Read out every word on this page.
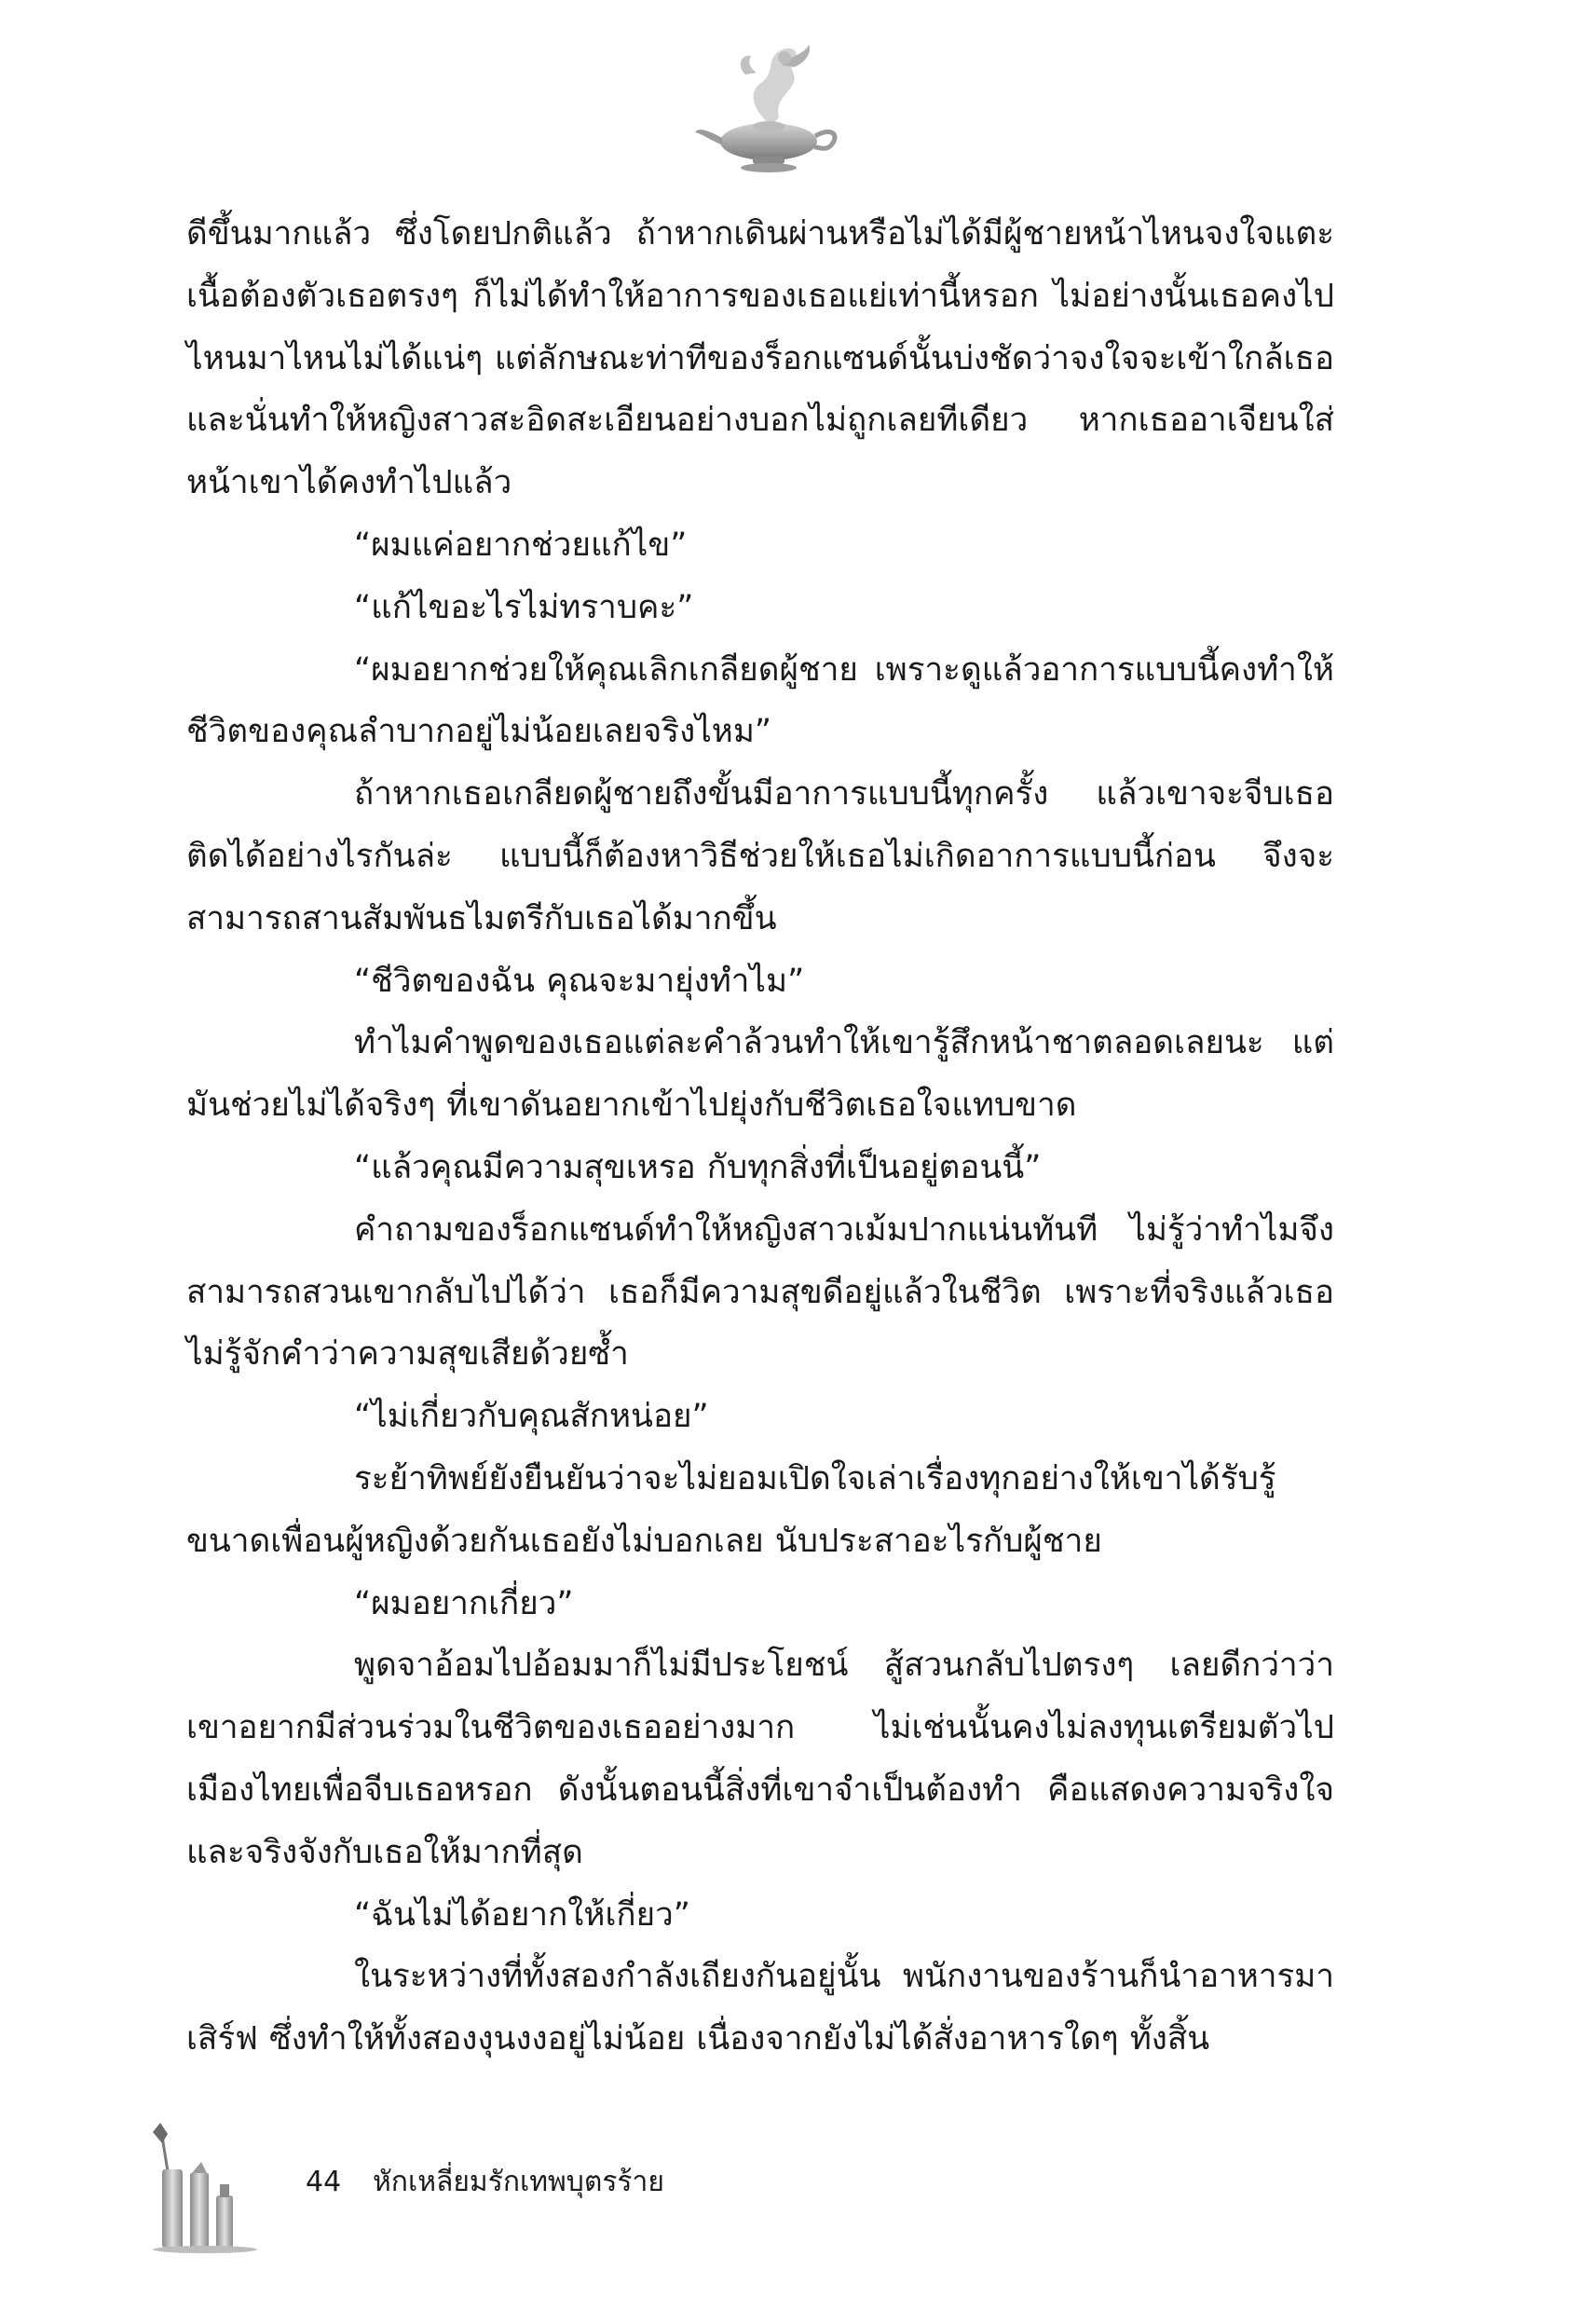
ดีขึ้นมากแล้ว ซึ่งโดยปกติแล้ว ถ้าหากเดินผ่านหรือไม่ได้มีผู้ชายหน้าไหนจงใจแตะเนื้อต้องตัวเธอตรงๆ ก็ไม่ได้ทำให้อาการของเธอแย่เท่านี้หรอก ไม่อย่างนั้นเธอคงไปไหนมาไหนไม่ได้แน่ๆ แต่ลักษณะท่าทีของร็อกแซนด์นั้นบ่งชัดว่าจงใจจะเข้าใกล้เธอ และนั่นทำให้หญิงสาวสะอิดสะเอียนอย่างบอกไม่ถูกเลยทีเดียว หากเธออาเจียนใส่หน้าเขาได้คงทำไปแล้ว

“ผมแค่อยากช่วยแก้ไข”

“แก้ไขอะไรไม่ทราบคะ”

“ผมอยากช่วยให้คุณเลิกเกลียดผู้ชาย เพราะดูแล้วอาการแบบนี้คงทำให้ชีวิตของคุณลำบากอยู่ไม่น้อยเลยจริงไหม”

ถ้าหากเธอเกลียดผู้ชายถึงขั้นมีอาการแบบนี้ทุกครั้ง แล้วเขาจะจีบเธอติดได้อย่างไรกันล่ะ แบบนี้ก็ต้องหาวิธีช่วยให้เธอไม่เกิดอาการแบบนี้ก่อน จึงจะสามารถสานสัมพันธไมตรีกับเธอได้มากขึ้น

“ชีวิตของฉัน คุณจะมายุ่งทำไม”

ทำไมคำพูดของเธอแต่ละคำล้วนทำให้เขารู้สึกหน้าชาตลอดเลยนะ แต่มันช่วยไม่ได้จริงๆ ที่เขาดันอยากเข้าไปยุ่งกับชีวิตเธอใจแทบขาด

“แล้วคุณมีความสุขเหรอ กับทุกสิ่งที่เป็นอยู่ตอนนี้”

คำถามของร็อกแซนด์ทำให้หญิงสาวเม้มปากแน่นทันที ไม่รู้ว่าทำไมจึงสามารถสวนเขากลับไปได้ว่า เธอก็มีความสุขดีอยู่แล้วในชีวิต เพราะที่จริงแล้วเธอไม่รู้จักคำว่าความสุขเสียด้วยซ้ำ

“ไม่เกี่ยวกับคุณสักหน่อย”

ระย้าทิพย์ยังยืนยันว่าจะไม่ยอมเปิดใจเล่าเรื่องทุกอย่างให้เขาได้รับรู้ ขนาดเพื่อนผู้หญิงด้วยกันเธอยังไม่บอกเลย นับประสาอะไรกับผู้ชาย

“ผมอยากเกี่ยว”

พูดจาอ้อมไปอ้อมมาก็ไม่มีประโยชน์ สู้สวนกลับไปตรงๆ เลยดีกว่าว่าเขาอยากมีส่วนร่วมในชีวิตของเธออย่างมาก ไม่เช่นนั้นคงไม่ลงทุนเตรียมตัวไปเมืองไทยเพื่อจีบเธอหรอก ดังนั้นตอนนี้สิ่งที่เขาจำเป็นต้องทำ คือแสดงความจริงใจและจริงจังกับเธอให้มากที่สุด

“ฉันไม่ได้อยากให้เกี่ยว”

ในระหว่างที่ทั้งสองกำลังเถียงกันอยู่นั้น พนักงานของร้านก็นำอาหารมาเสิร์ฟ ซึ่งทำให้ทั้งสองงุนงงอยู่ไม่น้อย เนื่องจากยังไม่ได้สั่งอาหารใดๆ ทั้งสิ้น

44 หักเหลี่ยมรักเทพบุตรร้าย
